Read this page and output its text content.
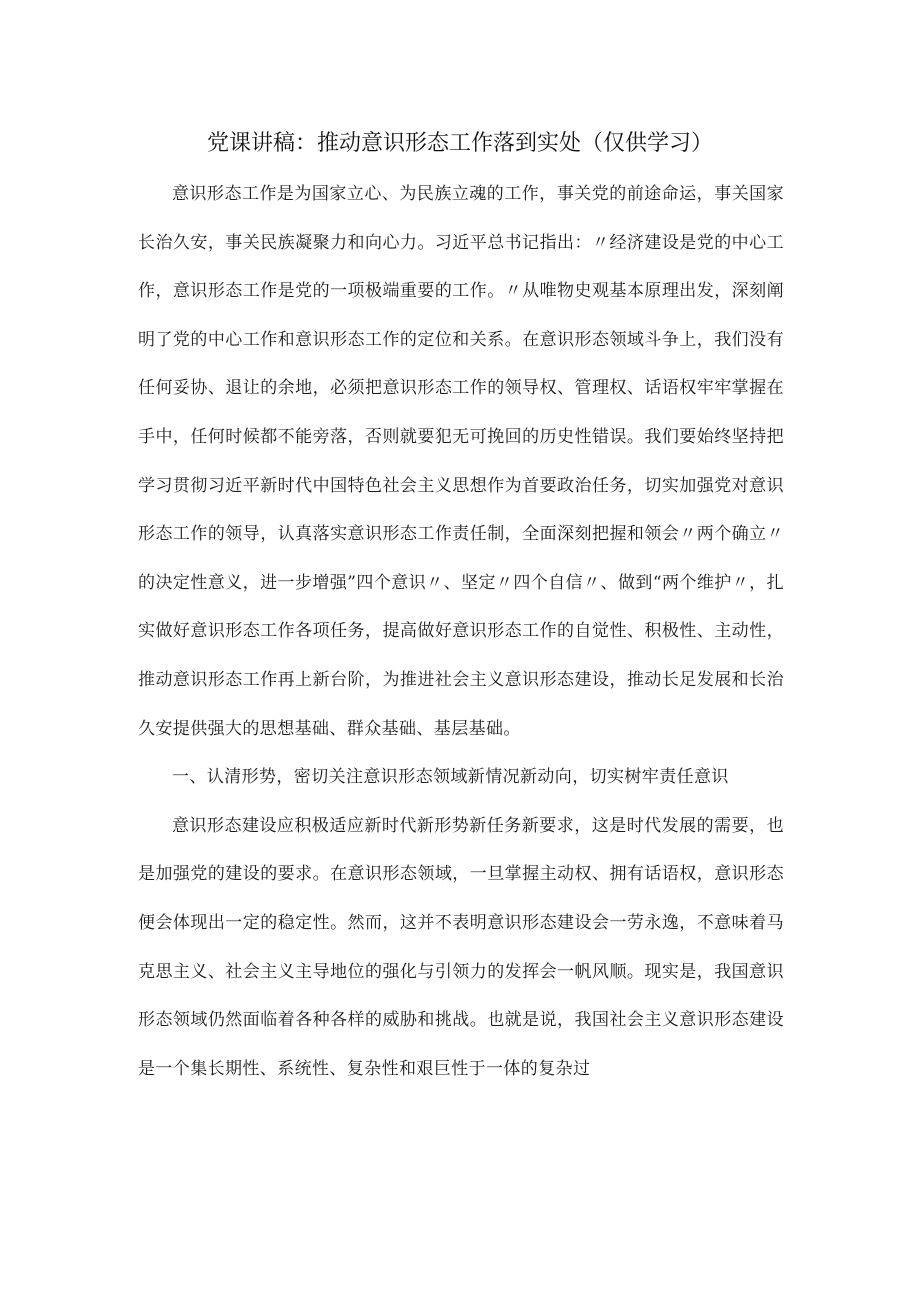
党课讲稿：推动意识形态工作落到实处（仅供学习）

意识形态工作是为国家立心、为民族立魂的工作，事关党的前途命运，事关国家长治久安，事关民族凝聚力和向心力。习近平总书记指出：〃经济建设是党的中心工作，意识形态工作是党的一项极端重要的工作。〃从唯物史观基本原理出发，深刻阐明了党的中心工作和意识形态工作的定位和关系。在意识形态领域斗争上，我们没有任何妥协、退让的余地，必须把意识形态工作的领导权、管理权、话语权牢牢掌握在手中，任何时候都不能旁落，否则就要犯无可挽回的历史性错误。我们要始终坚持把学习贯彻习近平新时代中国特色社会主义思想作为首要政治任务，切实加强党对意识形态工作的领导，认真落实意识形态工作责任制，全面深刻把握和领会〃两个确立〃的决定性意义，进一步增强”四个意识〃、坚定〃四个自信〃、做到“两个维护〃，扎实做好意识形态工作各项任务，提高做好意识形态工作的自觉性、积极性、主动性，推动意识形态工作再上新台阶，为推进社会主义意识形态建设，推动长足发展和长治久安提供强大的思想基础、群众基础、基层基础。

一、认清形势，密切关注意识形态领域新情况新动向，切实树牢责任意识

意识形态建设应积极适应新时代新形势新任务新要求，这是时代发展的需要，也是加强党的建设的要求。在意识形态领域，一旦掌握主动权、拥有话语权，意识形态便会体现出一定的稳定性。然而，这并不表明意识形态建设会一劳永逸，不意味着马克思主义、社会主义主导地位的强化与引领力的发挥会一帆风顺。现实是，我国意识形态领域仍然面临着各种各样的威胁和挑战。也就是说，我国社会主义意识形态建设是一个集长期性、系统性、复杂性和艰巨性于一体的复杂过
